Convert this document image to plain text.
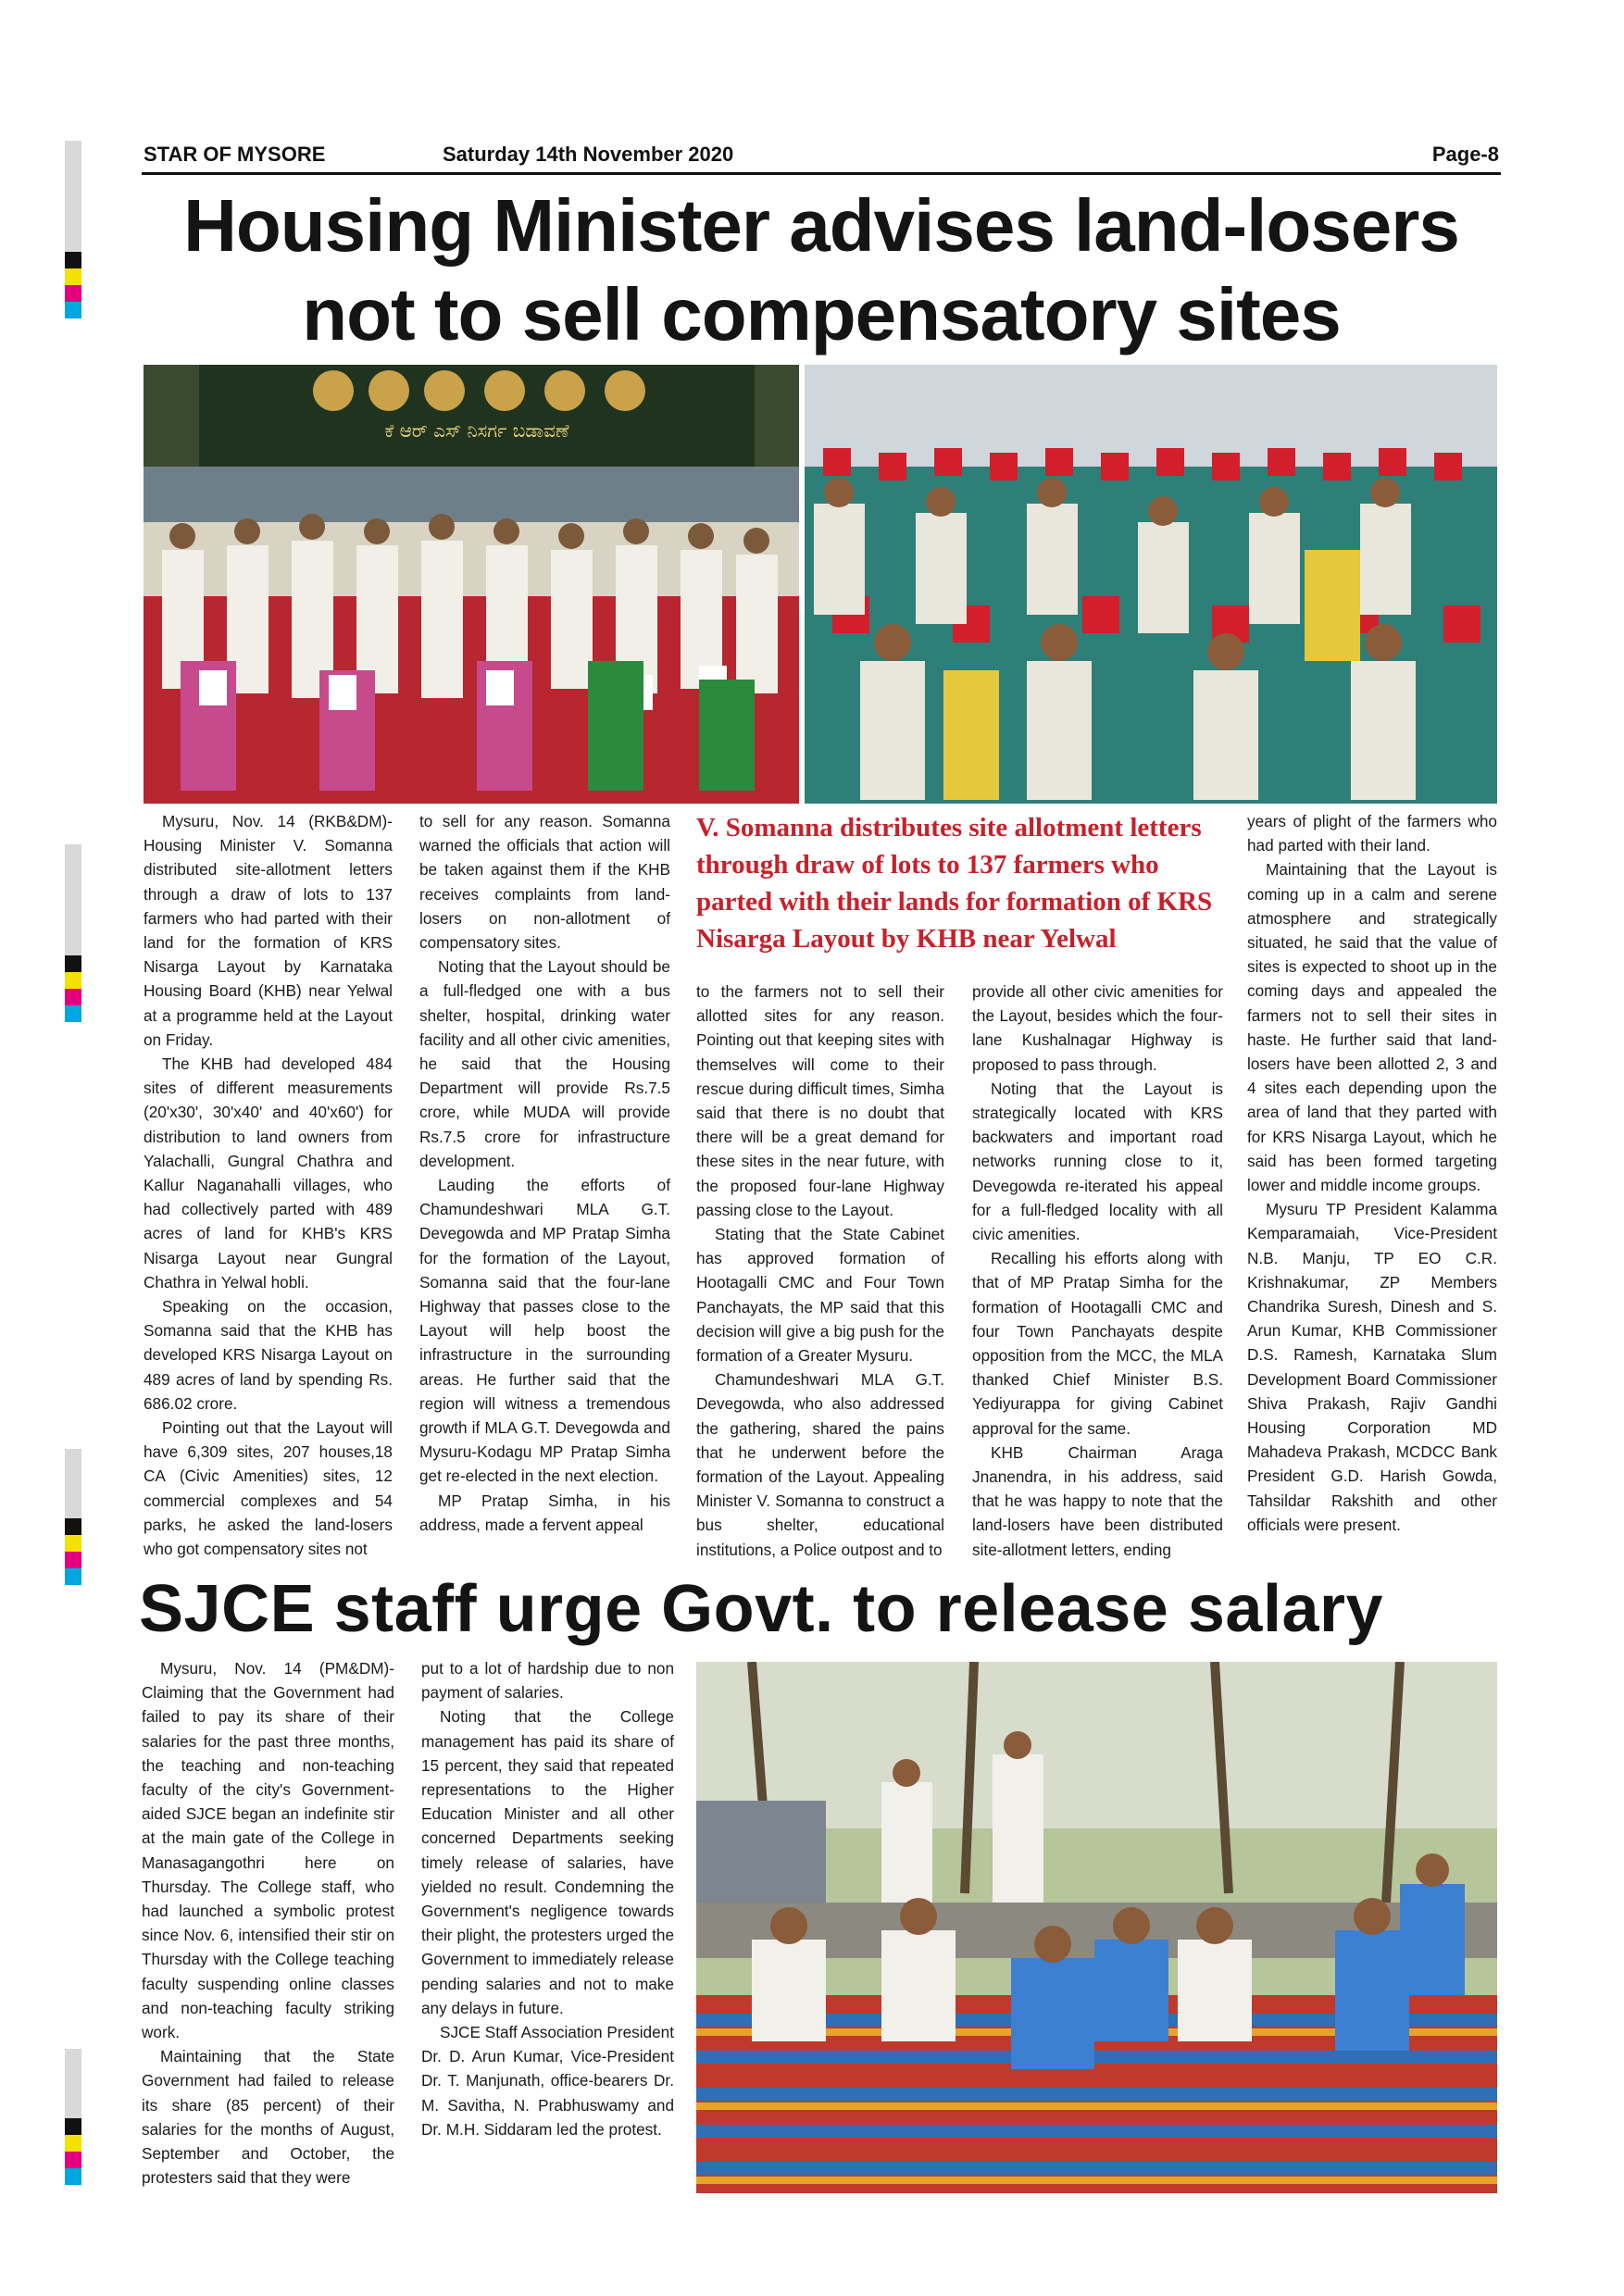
STAR OF MYSORE	Saturday 14th November 2020	Page-8
Housing Minister advises land-losers not to sell compensatory sites
ಕೆ ಆರ್ ಎಸ್ ನಿಸರ್ಗ ಬಡಾವಣೆ

Mysuru, Nov. 14 (RKB&DM)- Housing Minister V. Somanna distributed site-allotment letters through a draw of lots to 137 farmers who had parted with their land for the formation of KRS Nisarga Layout by Karnataka Housing Board (KHB) near Yelwal at a programme held at the Layout on Friday.

The KHB had developed 484 sites of different measurements (20'x30', 30'x40' and 40'x60') for distribution to land owners from Yalachalli, Gungral Chathra and Kallur Naganahalli villages, who had collectively parted with 489 acres of land for KHB's KRS Nisarga Layout near Gungral Chathra in Yelwal hobli.

Speaking on the occasion, Somanna said that the KHB has developed KRS Nisarga Layout on 489 acres of land by spending Rs. 686.02 crore.

Pointing out that the Layout will have 6,309 sites, 207 houses,18 CA (Civic Amenities) sites, 12 commercial complexes and 54 parks, he asked the land-losers who got compensatory sites not

to sell for any reason. Somanna warned the officials that action will be taken against them if the KHB receives complaints from land-losers on non-allotment of compensatory sites.

Noting that the Layout should be a full-fledged one with a bus shelter, hospital, drinking water facility and all other civic amenities, he said that the Housing Department will provide Rs.7.5 crore, while MUDA will provide Rs.7.5 crore for infrastructure development.

Lauding the efforts of Chamundeshwari MLA G.T. Devegowda and MP Pratap Simha for the formation of the Layout, Somanna said that the four-lane Highway that passes close to the Layout will help boost the infrastructure in the surrounding areas. He further said that the region will witness a tremendous growth if MLA G.T. Devegowda and Mysuru-Kodagu MP Pratap Simha get re-elected in the next election.

MP Pratap Simha, in his address, made a fervent appeal

V. Somanna distributes site allotment letters through draw of lots to 137 farmers who parted with their lands for formation of KRS Nisarga Layout by KHB near Yelwal

to the farmers not to sell their allotted sites for any reason. Pointing out that keeping sites with themselves will come to their rescue during difficult times, Simha said that there is no doubt that there will be a great demand for these sites in the near future, with the proposed four-lane Highway passing close to the Layout.

Stating that the State Cabinet has approved formation of Hootagalli CMC and Four Town Panchayats, the MP said that this decision will give a big push for the formation of a Greater Mysuru.

Chamundeshwari MLA G.T. Devegowda, who also addressed the gathering, shared the pains that he underwent before the formation of the Layout. Appealing Minister V. Somanna to construct a bus shelter, educational institutions, a Police outpost and to

provide all other civic amenities for the Layout, besides which the four-lane Kushalnagar Highway is proposed to pass through.

Noting that the Layout is strategically located with KRS backwaters and important road networks running close to it, Devegowda re-iterated his appeal for a full-fledged locality with all civic amenities.

Recalling his efforts along with that of MP Pratap Simha for the formation of Hootagalli CMC and four Town Panchayats despite opposition from the MCC, the MLA thanked Chief Minister B.S. Yediyurappa for giving Cabinet approval for the same.

KHB Chairman Araga Jnanendra, in his address, said that he was happy to note that the land-losers have been distributed site-allotment letters, ending

years of plight of the farmers who had parted with their land.

Maintaining that the Layout is coming up in a calm and serene atmosphere and strategically situated, he said that the value of sites is expected to shoot up in the coming days and appealed the farmers not to sell their sites in haste. He further said that land-losers have been allotted 2, 3 and 4 sites each depending upon the area of land that they parted with for KRS Nisarga Layout, which he said has been formed targeting lower and middle income groups.

Mysuru TP President Kalamma Kemparamaiah, Vice-President N.B. Manju, TP EO C.R. Krishnakumar, ZP Members Chandrika Suresh, Dinesh and S. Arun Kumar, KHB Commissioner D.S. Ramesh, Karnataka Slum Development Board Commissioner Shiva Prakash, Rajiv Gandhi Housing Corporation MD Mahadeva Prakash, MCDCC Bank President G.D. Harish Gowda, Tahsildar Rakshith and other officials were present.

SJCE staff urge Govt. to release salary

Mysuru, Nov. 14 (PM&DM)- Claiming that the Government had failed to pay its share of their salaries for the past three months, the teaching and non-teaching faculty of the city's Government-aided SJCE began an indefinite stir at the main gate of the College in Manasagangothri here on Thursday. The College staff, who had launched a symbolic protest since Nov. 6, intensified their stir on Thursday with the College teaching faculty suspending online classes and non-teaching faculty striking work.

Maintaining that the State Government had failed to release its share (85 percent) of their salaries for the months of August, September and October, the protesters said that they were

put to a lot of hardship due to non payment of salaries.

Noting that the College management has paid its share of 15 percent, they said that repeated representations to the Higher Education Minister and all other concerned Departments seeking timely release of salaries, have yielded no result. Condemning the Government's negligence towards their plight, the protesters urged the Government to immediately release pending salaries and not to make any delays in future.

SJCE Staff Association President Dr. D. Arun Kumar, Vice-President Dr. T. Manjunath, office-bearers Dr. M. Savitha, N. Prabhuswamy and Dr. M.H. Siddaram led the protest.
